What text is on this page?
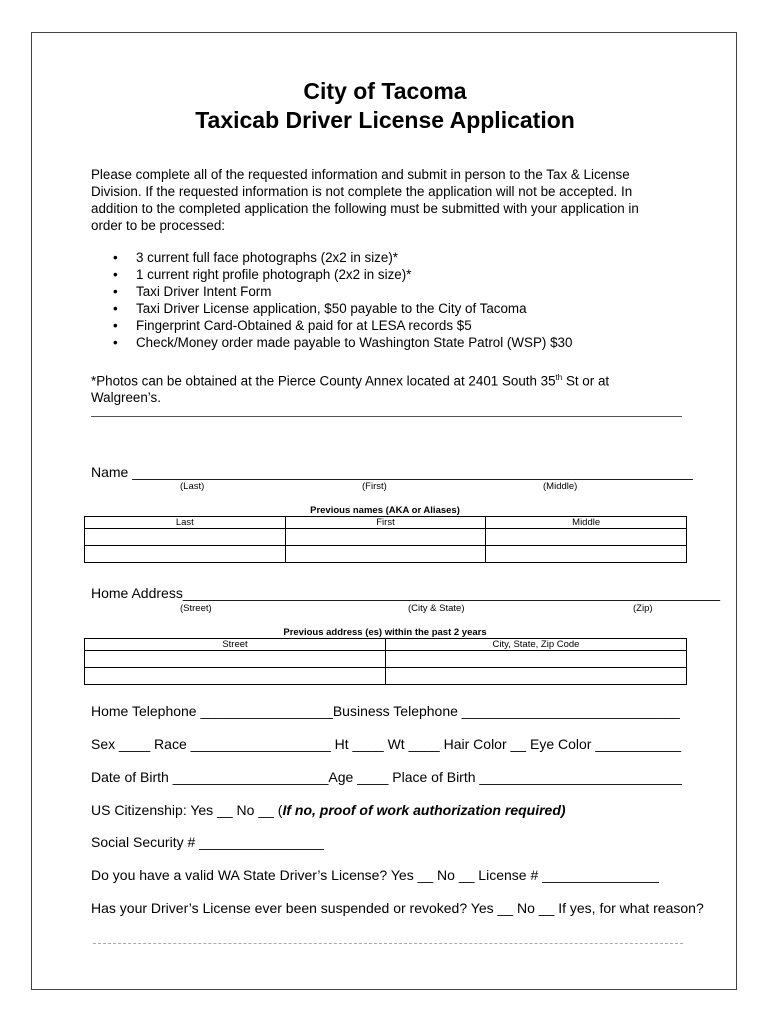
City of Tacoma
Taxicab Driver License Application
Please complete all of the requested information and submit in person to the Tax & License Division. If the requested information is not complete the application will not be accepted. In addition to the completed application the following must be submitted with your application in order to be processed:
• 3 current full face photographs (2x2 in size)*
• 1 current right profile photograph (2x2 in size)*
• Taxi Driver Intent Form
• Taxi Driver License application, $50 payable to the City of Tacoma
• Fingerprint Card-Obtained & paid for at LESA records $5
• Check/Money order made payable to Washington State Patrol (WSP) $30
*Photos can be obtained at the Pierce County Annex located at 2401 South 35th St or at
Walgreen’s.
Name ________________________________________________________________________
(Last)	(First)	(Middle)
Previous names (AKA or Aliases)
Last	First	Middle

Home Address_____________________________________________________________________
(Street)	(City & State)	(Zip)
Previous address (es) within the past 2 years
Street	City, State, Zip Code

Home Telephone _________________Business Telephone ____________________________
Sex ____ Race __________________ Ht ____ Wt ____ Hair Color __ Eye Color ___________
Date of Birth ____________________Age ____ Place of Birth __________________________
US Citizenship: Yes __ No __ (If no, proof of work authorization required)
Social Security # ________________
Do you have a valid WA State Driver’s License? Yes __ No __ License # _______________
Has your Driver’s License ever been suspended or revoked? Yes __ No __ If yes, for what reason?
